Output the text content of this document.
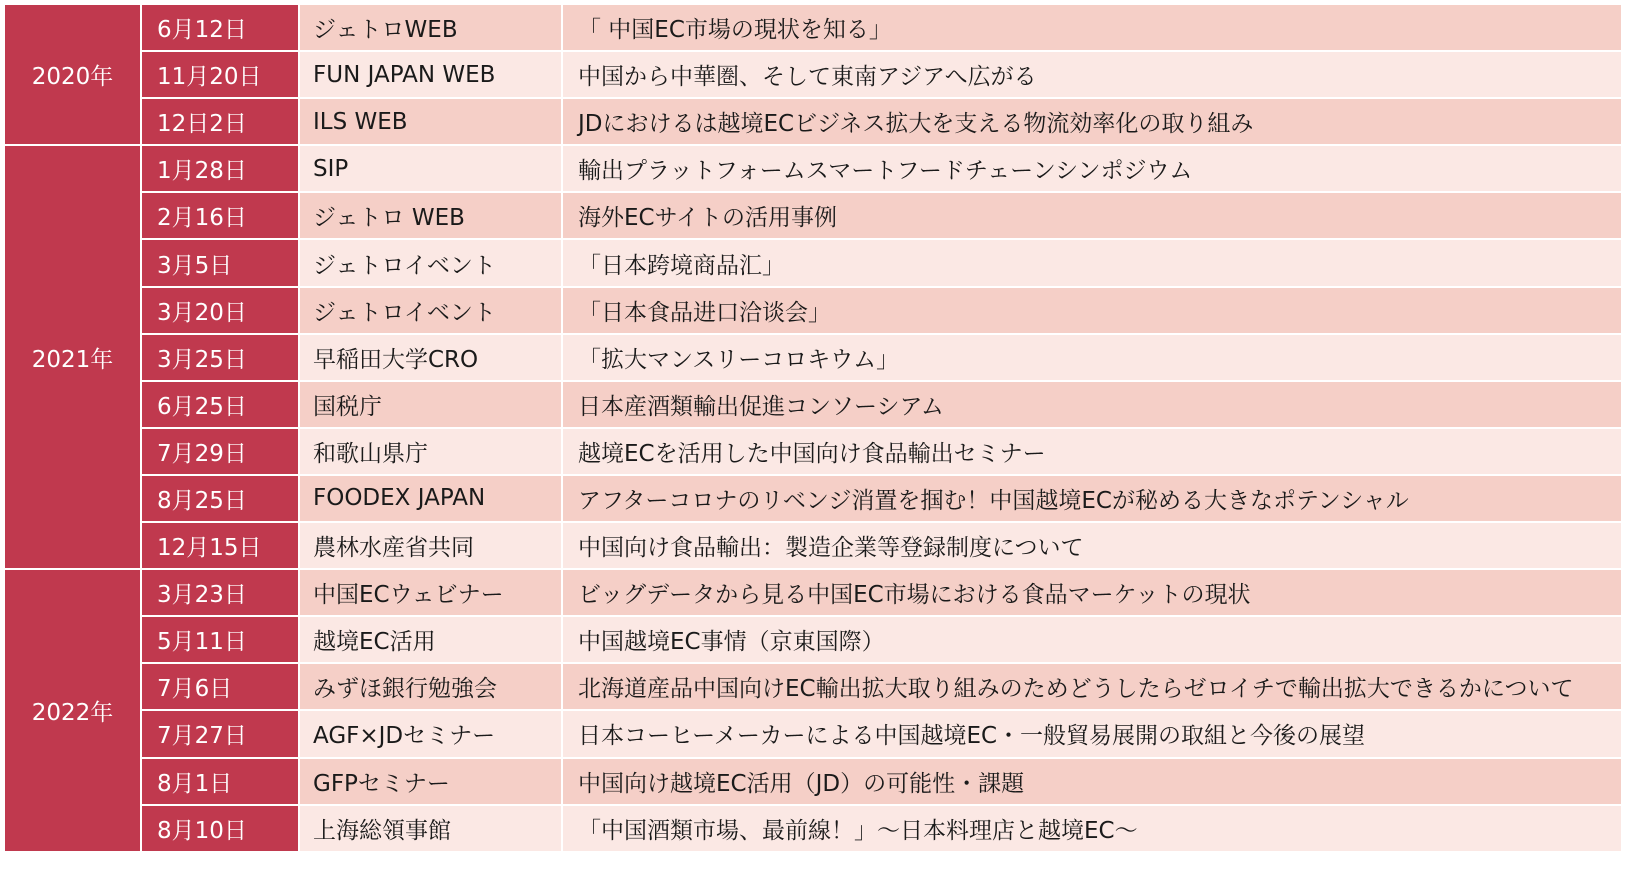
2020年	6月12日	ジェトロWEB	「 中国EC市場の現状を知る」
	11月20日	FUN JAPAN WEB	中国から中華圏、そして東南アジアへ広がる
	12日2日	ILS WEB	JDにおけるは越境ECビジネス拡大を支える物流効率化の取り組み
2021年	1月28日	SIP	輸出プラットフォームスマートフードチェーンシンポジウム
	2月16日	ジェトロ WEB	海外ECサイトの活用事例
	3月5日	ジェトロイベント	「日本跨境商品汇」
	3月20日	ジェトロイベント	「日本食品进口洽谈会」
	3月25日	早稲田大学CRO	「拡大マンスリーコロキウム」
	6月25日	国税庁	日本産酒類輸出促進コンソーシアム
	7月29日	和歌山県庁	越境ECを活用した中国向け食品輸出セミナー
	8月25日	FOODEX JAPAN	アフターコロナのリベンジ消置を掴む！中国越境ECが秘める大きなポテンシャル
	12月15日	農林水産省共同	中国向け食品輸出：製造企業等登録制度について
2022年	3月23日	中国ECウェビナー	ビッグデータから見る中国EC市場における食品マーケットの現状
	5月11日	越境EC活用	中国越境EC事情（京東国際）
	7月6日	みずほ銀行勉強会	北海道産品中国向けEC輸出拡大取り組みのためどうしたらゼロイチで輸出拡大できるかについて
	7月27日	AGF×JDセミナー	日本コーヒーメーカーによる中国越境EC・一般貿易展開の取組と今後の展望
	8月1日	GFPセミナー	中国向け越境EC活用（JD）の可能性・課題
	8月10日	上海総領事館	「中国酒類市場、最前線！」～日本料理店と越境EC～
